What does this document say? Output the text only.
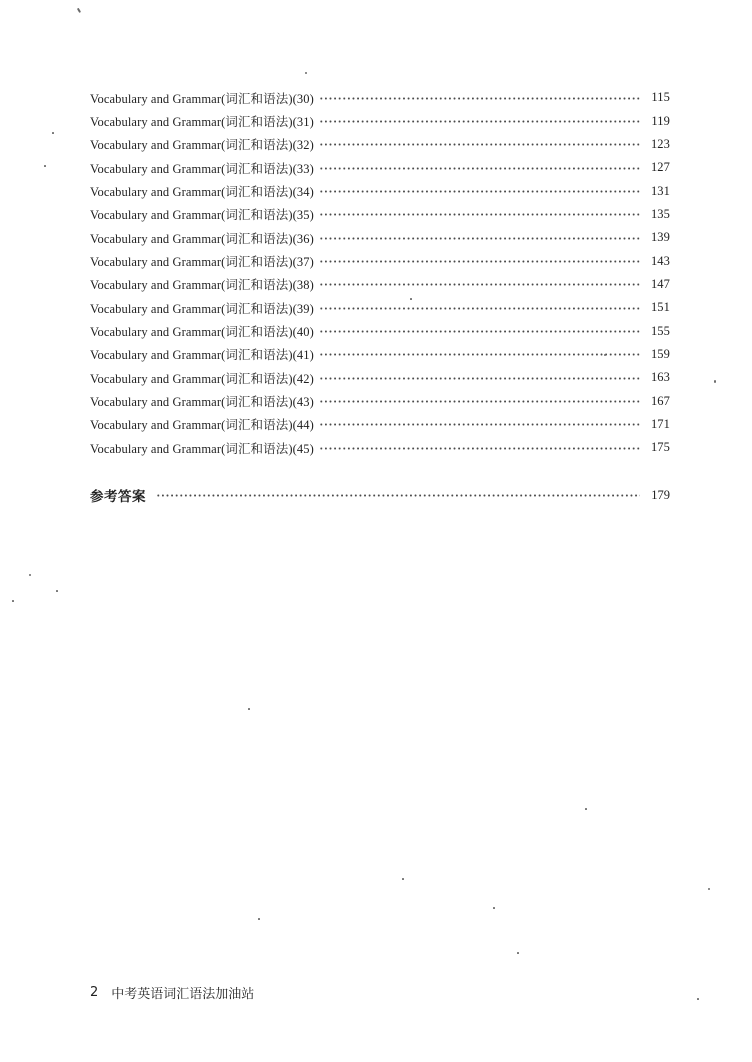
Vocabulary and Grammar(词汇和语法)(30)	115
Vocabulary and Grammar(词汇和语法)(31)	119
Vocabulary and Grammar(词汇和语法)(32)	123
Vocabulary and Grammar(词汇和语法)(33)	127
Vocabulary and Grammar(词汇和语法)(34)	131
Vocabulary and Grammar(词汇和语法)(35)	135
Vocabulary and Grammar(词汇和语法)(36)	139
Vocabulary and Grammar(词汇和语法)(37)	143
Vocabulary and Grammar(词汇和语法)(38)	147
Vocabulary and Grammar(词汇和语法)(39)	151
Vocabulary and Grammar(词汇和语法)(40)	155
Vocabulary and Grammar(词汇和语法)(41)	159
Vocabulary and Grammar(词汇和语法)(42)	163
Vocabulary and Grammar(词汇和语法)(43)	167
Vocabulary and Grammar(词汇和语法)(44)	171
Vocabulary and Grammar(词汇和语法)(45)	175
参考答案	179
2 中考英语词汇语法加油站
